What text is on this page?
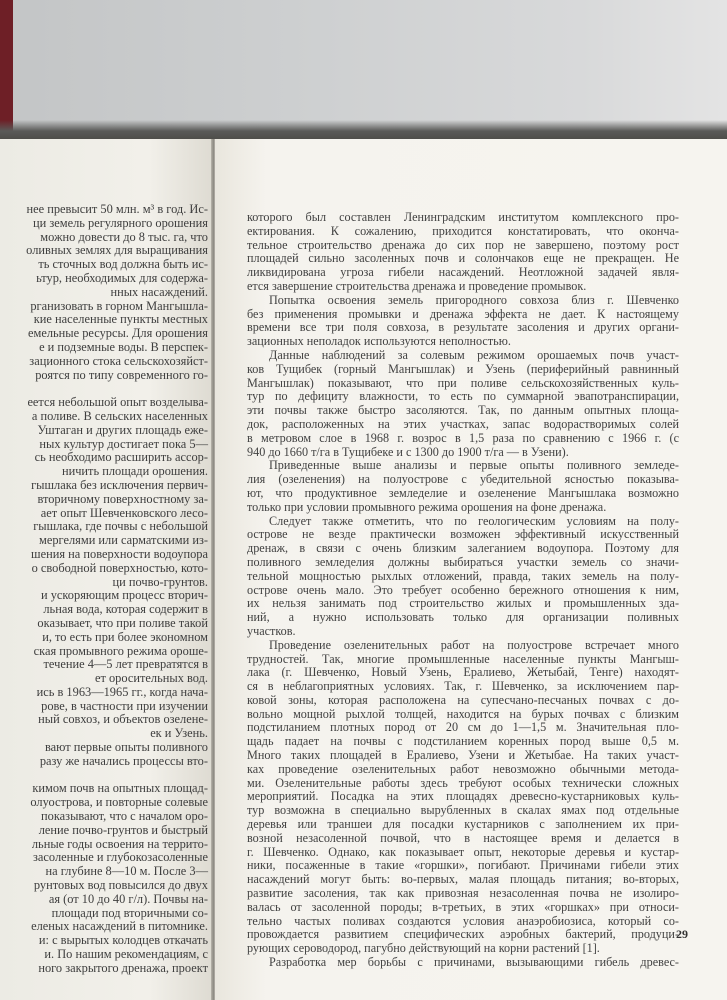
нее превысит 50 млн. м³ в год. Ис-
ци земель регулярного орошения
можно довести до 8 тыс. га, что
оливных землях для выращивания
ть сточных вод должна быть ис-
ьтур, необходимых для содержа-
нных насаждений.
рганизовать в горном Мангышла-
кие населенные пункты местных
емельные ресурсы. Для орошения
е и подземные воды. В перспек-
зационного стока сельскохозяйст-
роятся по типу современного го-
еется небольшой опыт возделыва-
а поливе. В сельских населенных
Уштаган и других площадь еже-
ных культур достигает пока 5—
сь необходимо расширить ассор-
ничить площади орошения.
гышлака без исключения первич-
вторичному поверхностному за-
ает опыт Шевченковского лесо-
гышлака, где почвы с небольшой
мергелями или сарматскими из-
шения на поверхности водоупора
о свободной поверхностью, кото-
ци почво-грунтов.
и ускоряющим процесс вторич-
льная вода, которая содержит в
оказывает, что при поливе такой
и, то есть при более экономном
ская промывного режима ороше-
течение 4—5 лет превратятся в
ет оросительных вод.
ись в 1963—1965 гг., когда нача-
рове, в частности при изучении
ный совхоз, и объектов озелене-
ек и Узень.
вают первые опыты поливного
разу же начались процессы вто-
кимом почв на опытных площад-
олуострова, и повторные солевые
показывают, что с началом оро-
ление почво-грунтов и быстрый
льные годы освоения на террито-
засоленные и глубокозасоленные
на глубине 8—10 м. После 3—
рунтовых вод повысился до двух
ая (от 10 до 40 г/л). Почвы на-
площади под вторичными со-
еленых насаждений в питомнике.
и: с вырытых колодцев откачать
и. По нашим рекомендациям, с
ного закрытого дренажа, проект
которого был составлен Ленинградским институтом комплексного про-
ектирования. К сожалению, приходится констатировать, что оконча-
тельное строительство дренажа до сих пор не завершено, поэтому рост
площадей сильно засоленных почв и солончаков еще не прекращен. Не
ликвидирована угроза гибели насаждений. Неотложной задачей явля-
ется завершение строительства дренажа и проведение промывок.
Попытка освоения земель пригородного совхоза близ г. Шевченко
без применения промывки и дренажа эффекта не дает. К настоящему
времени все три поля совхоза, в результате засоления и других органи-
зационных неполадок используются неполностью.
Данные наблюдений за солевым режимом орошаемых почв участ-
ков Тущибек (горный Мангышлак) и Узень (периферийный равнинный
Мангышлак) показывают, что при поливе сельскохозяйственных куль-
тур по дефициту влажности, то есть по суммарной эвапотранспирации,
эти почвы также быстро засоляются. Так, по данным опытных площа-
док, расположенных на этих участках, запас водорастворимых солей
в метровом слое в 1968 г. возрос в 1,5 раза по сравнению с 1966 г. (с
940 до 1660 т/га в Тущибеке и с 1300 до 1900 т/га — в Узени).
Приведенные выше анализы и первые опыты поливного земледе-
лия (озеленения) на полуострове с убедительной ясностью показыва-
ют, что продуктивное земледелие и озеленение Мангышлака возможно
только при условии промывного режима орошения на фоне дренажа.
Следует также отметить, что по геологическим условиям на полу-
острове не везде практически возможен эффективный искусственный
дренаж, в связи с очень близким залеганием водоупора. Поэтому для
поливного земледелия должны выбираться участки земель со значи-
тельной мощностью рыхлых отложений, правда, таких земель на полу-
острове очень мало. Это требует особенно бережного отношения к ним,
их нельзя занимать под строительство жилых и промышленных зда-
ний, а нужно использовать только для организации поливных
участков.
Проведение озеленительных работ на полуострове встречает много
трудностей. Так, многие промышленные населенные пункты Мангыш-
лака (г. Шевченко, Новый Узень, Ералиево, Жетыбай, Тенге) находят-
ся в неблагоприятных условиях. Так, г. Шевченко, за исключением пар-
ковой зоны, которая расположена на супесчано-песчаных почвах с до-
вольно мощной рыхлой толщей, находится на бурых почвах с близким
подстиланием плотных пород от 20 см до 1—1,5 м. Значительная пло-
щадь падает на почвы с подстиланием коренных пород выше 0,5 м.
Много таких площадей в Ералиево, Узени и Жетыбае. На таких участ-
ках проведение озеленительных работ невозможно обычными метода-
ми. Озеленительные работы здесь требуют особых технически сложных
мероприятий. Посадка на этих площадях древесно-кустарниковых куль-
тур возможна в специально вырубленных в скалах ямах под отдельные
деревья или траншеи для посадки кустарников с заполнением их при-
возной незасоленной почвой, что в настоящее время и делается в
г. Шевченко. Однако, как показывает опыт, некоторые деревья и кустар-
ники, посаженные в такие «горшки», погибают. Причинами гибели этих
насаждений могут быть: во-первых, малая площадь питания; во-вторых,
развитие засоления, так как привозная незасоленная почва не изолиро-
валась от засоленной породы; в-третьих, в этих «горшках» при относи-
тельно частых поливах создаются условия анаэробиозиса, который со-
провождается развитием специфических аэробных бактерий, продуци-
рующих сероводород, пагубно действующий на корни растений [1].
Разработка мер борьбы с причинами, вызывающими гибель древес-
29
